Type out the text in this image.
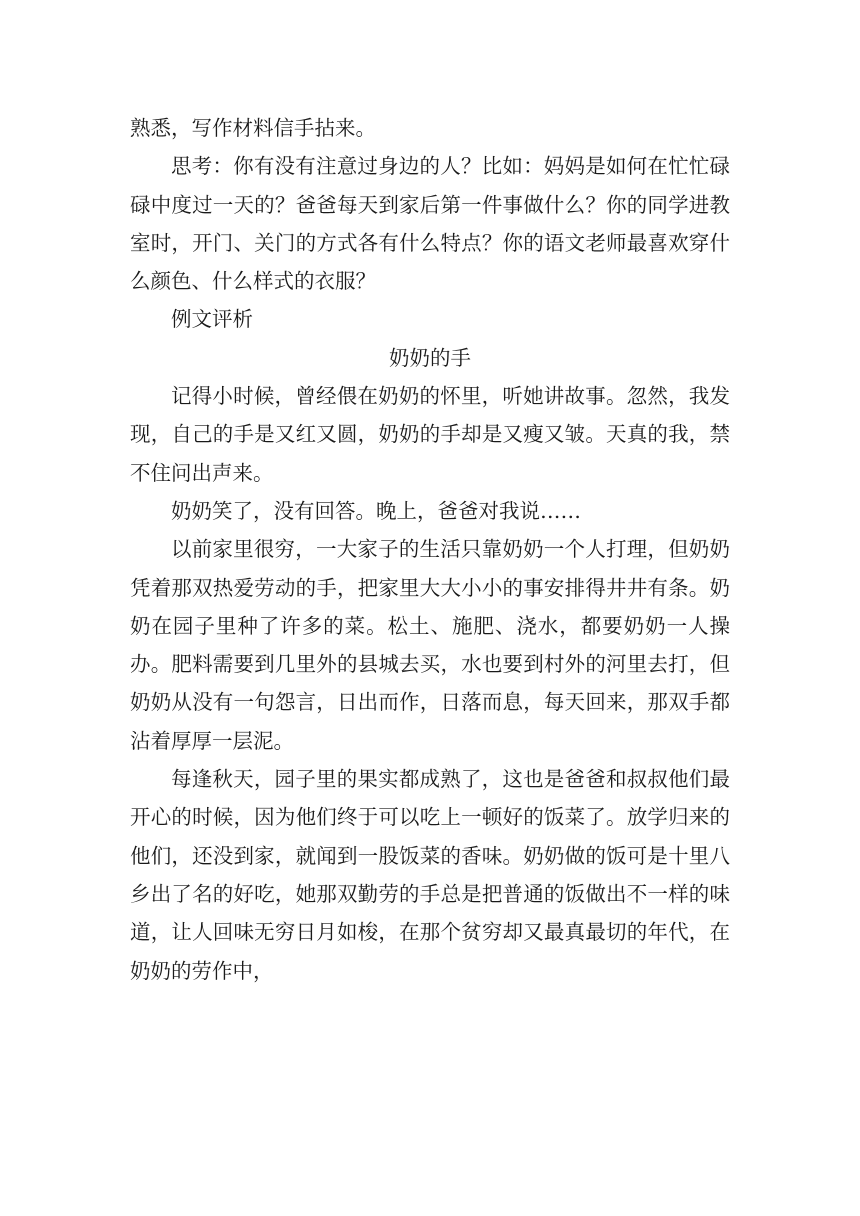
熟悉，写作材料信手拈来。

思考：你有没有注意过身边的人？比如：妈妈是如何在忙忙碌碌中度过一天的？爸爸每天到家后第一件事做什么？你的同学进教室时，开门、关门的方式各有什么特点？你的语文老师最喜欢穿什么颜色、什么样式的衣服？

例文评析

奶奶的手

记得小时候，曾经偎在奶奶的怀里，听她讲故事。忽然，我发现，自己的手是又红又圆，奶奶的手却是又瘦又皱。天真的我，禁不住问出声来。

奶奶笑了，没有回答。晚上，爸爸对我说……

以前家里很穷，一大家子的生活只靠奶奶一个人打理，但奶奶凭着那双热爱劳动的手，把家里大大小小的事安排得井井有条。奶奶在园子里种了许多的菜。松土、施肥、浇水，都要奶奶一人操办。肥料需要到几里外的县城去买，水也要到村外的河里去打，但奶奶从没有一句怨言，日出而作，日落而息，每天回来，那双手都沾着厚厚一层泥。

每逢秋天，园子里的果实都成熟了，这也是爸爸和叔叔他们最开心的时候，因为他们终于可以吃上一顿好的饭菜了。放学归来的他们，还没到家，就闻到一股饭菜的香味。奶奶做的饭可是十里八乡出了名的好吃，她那双勤劳的手总是把普通的饭做出不一样的味道，让人回味无穷日月如梭，在那个贫穷却又最真最切的年代，在奶奶的劳作中，
